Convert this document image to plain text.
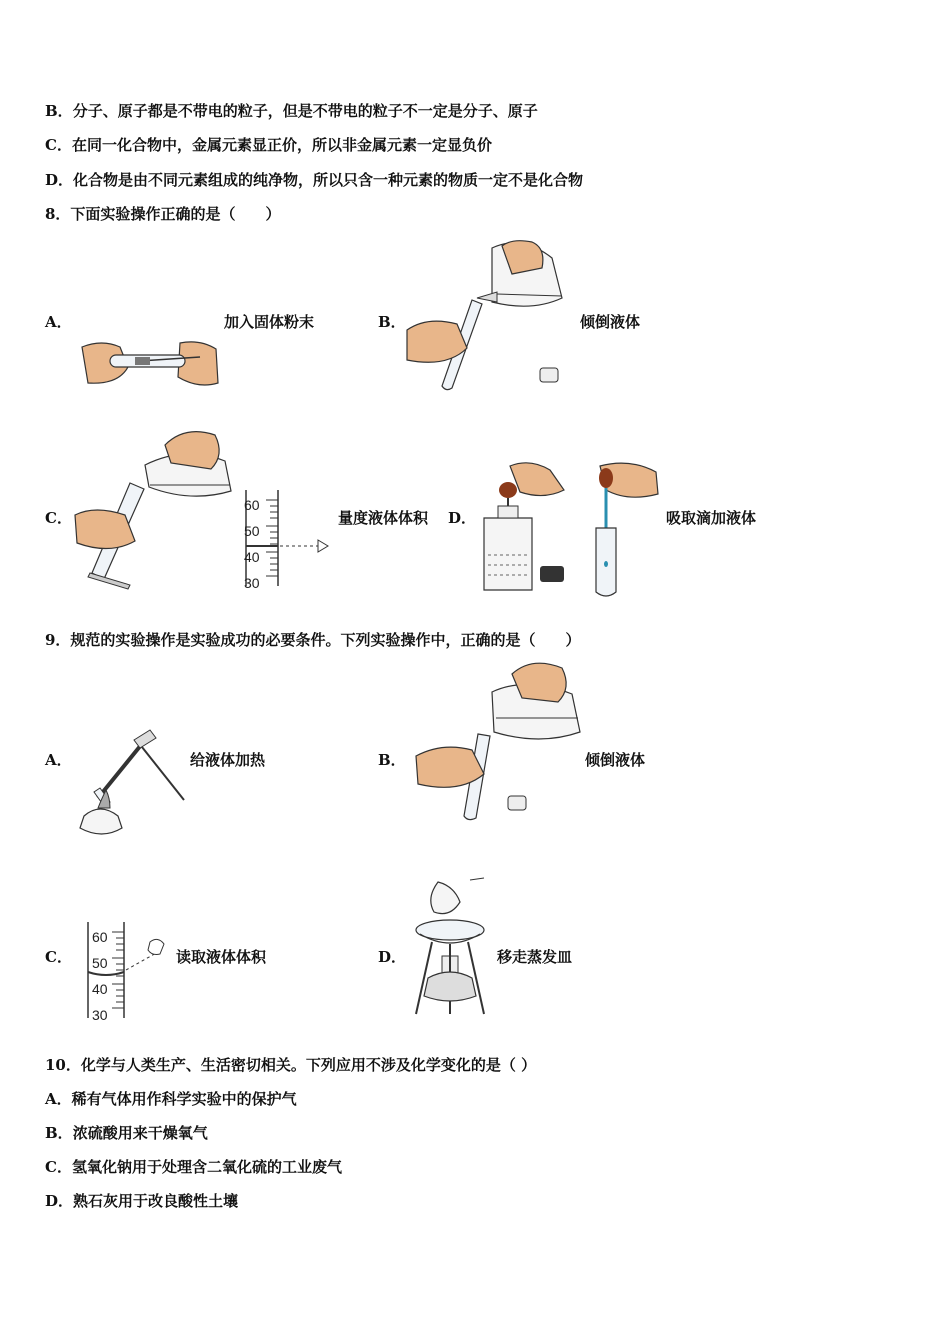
B．分子、原子都是不带电的粒子，但是不带电的粒子不一定是分子、原子
C．在同一化合物中，金属元素显正价，所以非金属元素一定显负价
D．化合物是由不同元素组成的纯净物，所以只含一种元素的物质一定不是化合物
8．下面实验操作正确的是（　　）
A．	加入固体粉末	B．	倾倒液体
C．
60
50
40
30
量度液体体积 D．	吸取滴加液体
9．规范的实验操作是实验成功的必要条件。下列实验操作中，正确的是（　　）
A．	给液体加热	B．	倾倒液体
C．
60
50
40
30
读取液体体积	D．	移走蒸发皿
10．化学与人类生产、生活密切相关。下列应用不涉及化学变化的是（ ）
A．稀有气体用作科学实验中的保护气
B．浓硫酸用来干燥氧气
C．氢氧化钠用于处理含二氧化硫的工业废气
D．熟石灰用于改良酸性土壤
